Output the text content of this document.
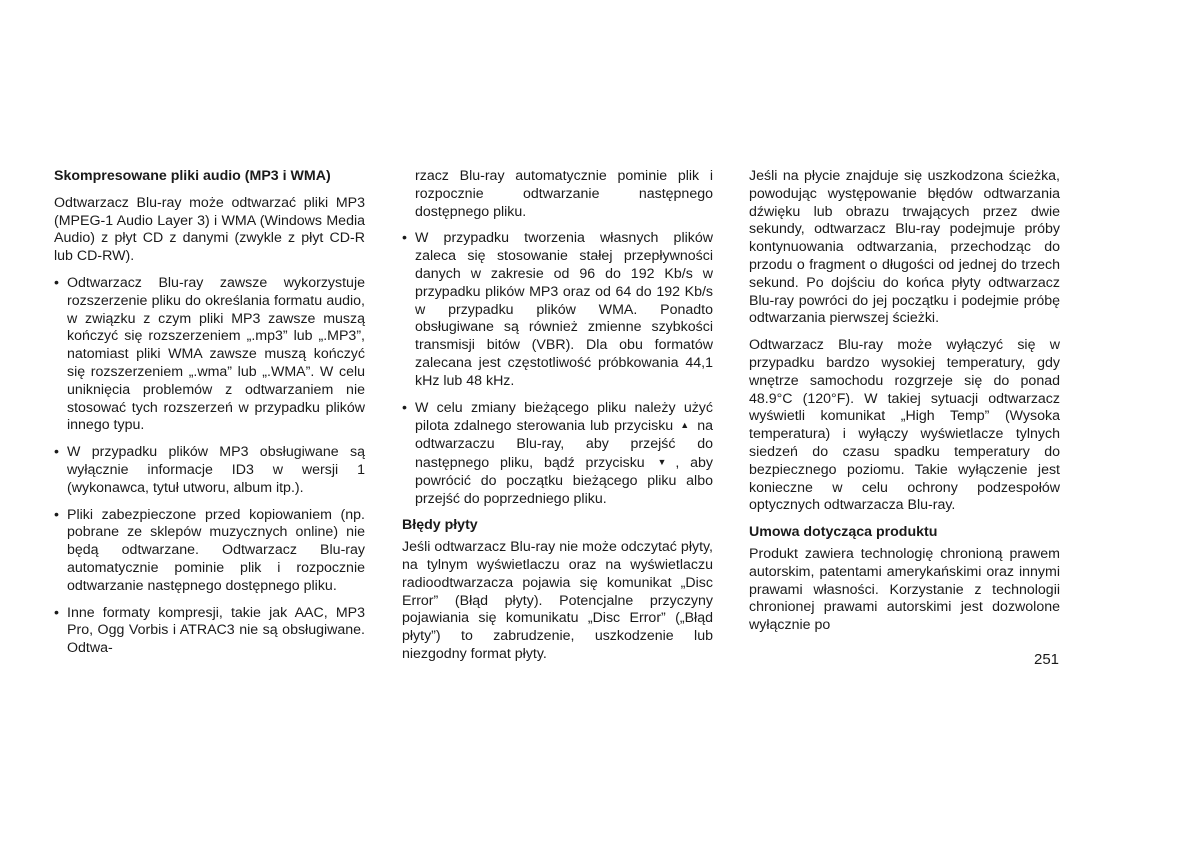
Skompresowane pliki audio (MP3 i WMA)

Odtwarzacz Blu-ray może odtwarzać pliki MP3 (MPEG-1 Audio Layer 3) i WMA (Windows Media Audio) z płyt CD z danymi (zwykle z płyt CD-R lub CD-RW).

• Odtwarzacz Blu-ray zawsze wykorzystuje rozszerzenie pliku do określania formatu audio, w związku z czym pliki MP3 zawsze muszą kończyć się rozszerzeniem „.mp3” lub „.MP3”, natomiast pliki WMA zawsze muszą kończyć się rozszerzeniem „.wma” lub „.WMA”. W celu uniknięcia problemów z odtwarzaniem nie stosować tych rozszerzeń w przypadku plików innego typu.
• W przypadku plików MP3 obsługiwane są wyłącznie informacje ID3 w wersji 1 (wykonawca, tytuł utworu, album itp.).
• Pliki zabezpieczone przed kopiowaniem (np. pobrane ze sklepów muzycznych online) nie będą odtwarzane. Odtwarzacz Blu-ray automatycznie pominie plik i rozpocznie odtwarzanie następnego dostępnego pliku.
• Inne formaty kompresji, takie jak AAC, MP3 Pro, Ogg Vorbis i ATRAC3 nie są obsługiwane. Odtwa-

rzacz Blu-ray automatycznie pominie plik i rozpocznie odtwarzanie następnego dostępnego pliku.

• W przypadku tworzenia własnych plików zaleca się stosowanie stałej przepływności danych w zakresie od 96 do 192 Kb/s w przypadku plików MP3 oraz od 64 do 192 Kb/s w przypadku plików WMA. Ponadto obsługiwane są również zmienne szybkości transmisji bitów (VBR). Dla obu formatów zalecana jest częstotliwość próbkowania 44,1 kHz lub 48 kHz.
• W celu zmiany bieżącego pliku należy użyć pilota zdalnego sterowania lub przycisku ▲ na odtwarzaczu Blu-ray, aby przejść do następnego pliku, bądź przycisku ▼ , aby powrócić do początku bieżącego pliku albo przejść do poprzedniego pliku.

Błędy płyty

Jeśli odtwarzacz Blu-ray nie może odczytać płyty, na tylnym wyświetlaczu oraz na wyświetlaczu radioodtwarzacza pojawia się komunikat „Disc Error” (Błąd płyty). Potencjalne przyczyny pojawiania się komunikatu „Disc Error” („Błąd płyty”) to zabrudzenie, uszkodzenie lub niezgodny format płyty.

Jeśli na płycie znajduje się uszkodzona ścieżka, powodując występowanie błędów odtwarzania dźwięku lub obrazu trwających przez dwie sekundy, odtwarzacz Blu-ray podejmuje próby kontynuowania odtwarzania, przechodząc do przodu o fragment o długości od jednej do trzech sekund. Po dojściu do końca płyty odtwarzacz Blu-ray powróci do jej początku i podejmie próbę odtwarzania pierwszej ścieżki.

Odtwarzacz Blu-ray może wyłączyć się w przypadku bardzo wysokiej temperatury, gdy wnętrze samochodu rozgrzeje się do ponad 48.9°C (120°F). W takiej sytuacji odtwarzacz wyświetli komunikat „High Temp” (Wysoka temperatura) i wyłączy wyświetlacze tylnych siedzeń do czasu spadku temperatury do bezpiecznego poziomu. Takie wyłączenie jest konieczne w celu ochrony podzespołów optycznych odtwarzacza Blu-ray.

Umowa dotycząca produktu

Produkt zawiera technologię chronioną prawem autorskim, patentami amerykańskimi oraz innymi prawami własności. Korzystanie z technologii chronionej prawami autorskimi jest dozwolone wyłącznie po

251
